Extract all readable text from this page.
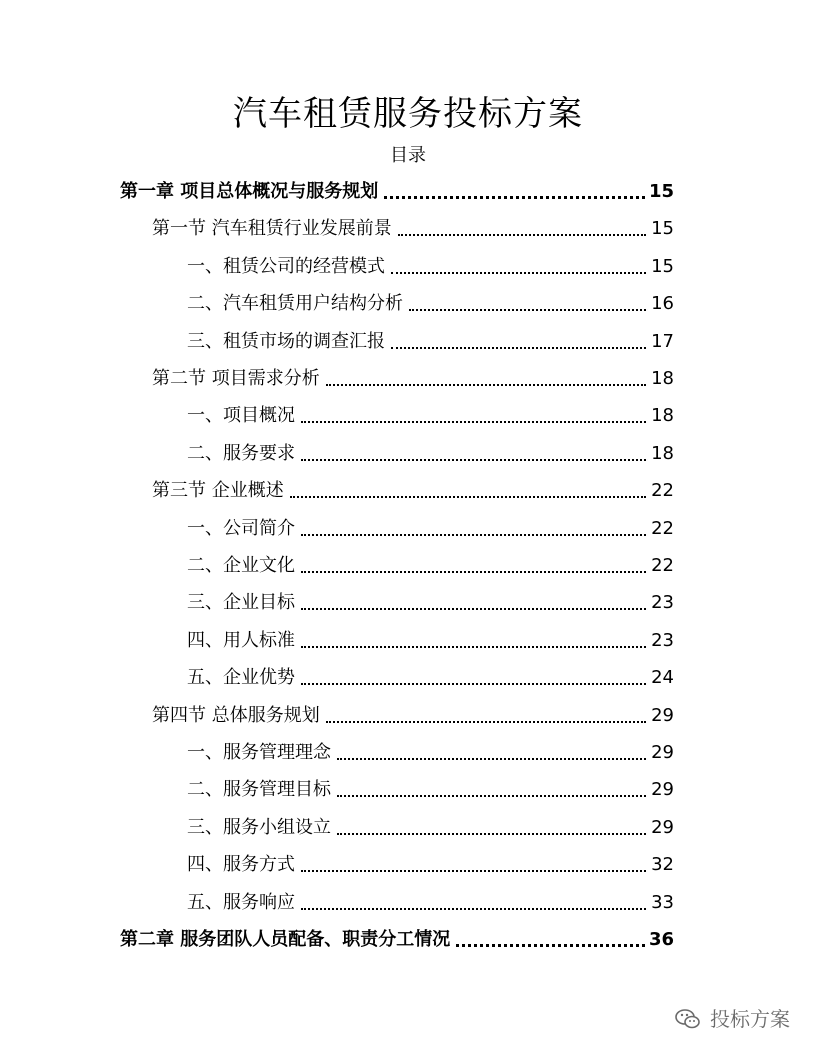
汽车租赁服务投标方案
目录
第一章 项目总体概况与服务规划	15
第一节 汽车租赁行业发展前景	15
一、租赁公司的经营模式	15
二、汽车租赁用户结构分析	16
三、租赁市场的调查汇报	17
第二节 项目需求分析	18
一、项目概况	18
二、服务要求	18
第三节 企业概述	22
一、公司简介	22
二、企业文化	22
三、企业目标	23
四、用人标准	23
五、企业优势	24
第四节 总体服务规划	29
一、服务管理理念	29
二、服务管理目标	29
三、服务小组设立	29
四、服务方式	32
五、服务响应	33
第二章 服务团队人员配备、职责分工情况	36
投标方案
